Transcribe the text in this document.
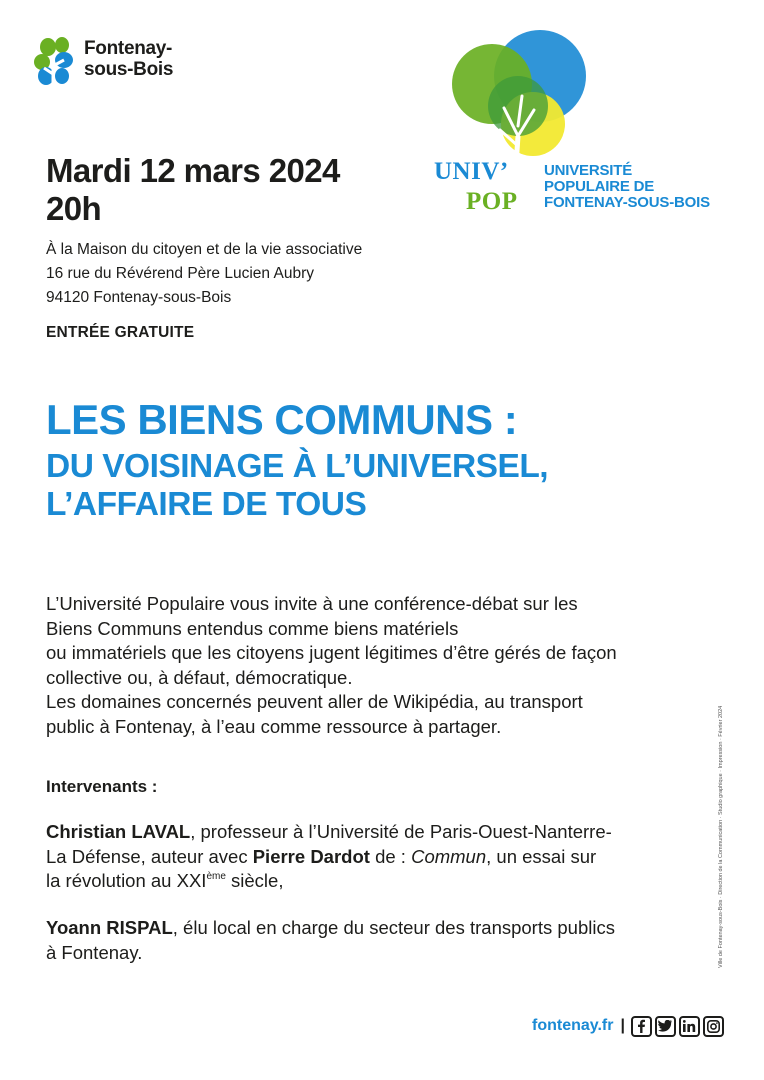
Fontenay-
sous-Bois
UNIV’
POP
UNIVERSITÉ
POPULAIRE DE
FONTENAY-SOUS-BOIS
Mardi 12 mars 2024
20h
À la Maison du citoyen et de la vie associative
16 rue du Révérend Père Lucien Aubry
94120 Fontenay-sous-Bois
ENTRÉE GRATUITE
LES BIENS COMMUNS :
DU VOISINAGE À L’UNIVERSEL,
L’AFFAIRE DE TOUS
L’Université Populaire vous invite à une conférence-débat sur les
Biens Communs entendus comme biens matériels
ou immatériels que les citoyens jugent légitimes d’être gérés de façon
collective ou, à défaut, démocratique.
Les domaines concernés peuvent aller de Wikipédia, au transport
public à Fontenay, à l’eau comme ressource à partager.
Intervenants :
Christian LAVAL, professeur à l’Université de Paris-Ouest-Nanterre-
La Défense, auteur avec Pierre Dardot de : Commun, un essai sur
la révolution au XXIème siècle,
Yoann RISPAL, élu local en charge du secteur des transports publics
à Fontenay.	Ville de Fontenay-sous-Bois · Direction de la Communication · Studio graphique · Impression · Février 2024
fontenay.fr |
